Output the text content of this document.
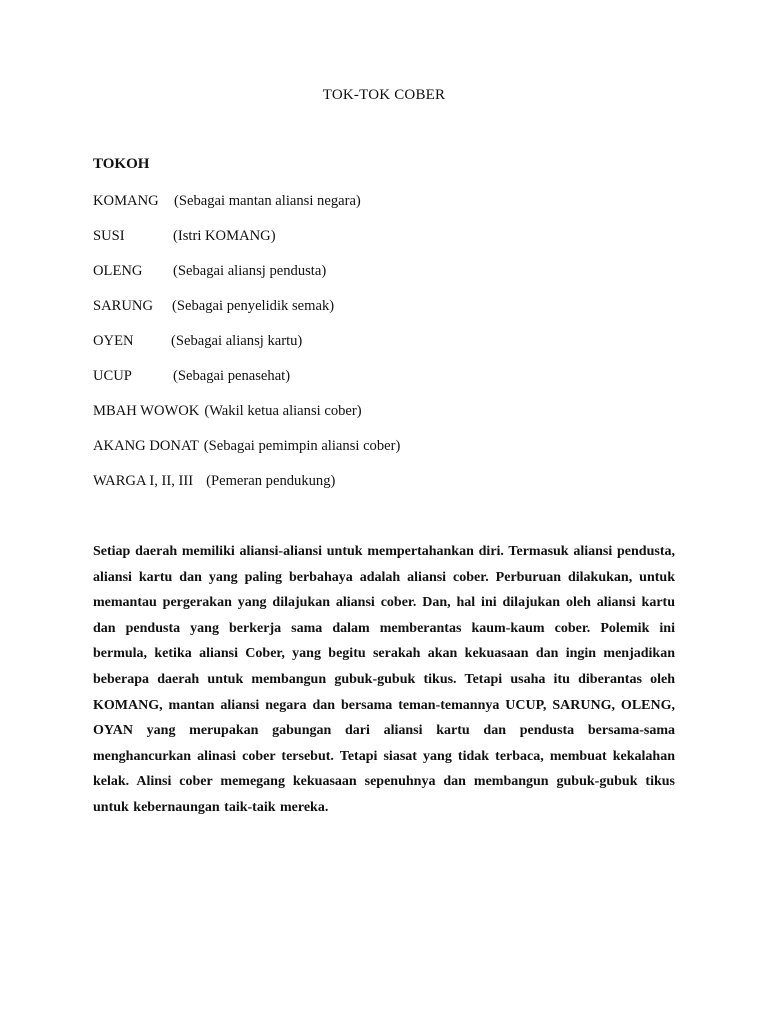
TOK-TOK COBER
TOKOH
KOMANG (Sebagai mantan aliansi negara)
SUSI	(Istri KOMANG)
OLENG (Sebagai aliansj pendusta)
SARUNG (Sebagai penyelidik semak)
OYEN	(Sebagai aliansj kartu)
UCUP	(Sebagai penasehat)
MBAH WOWOK (Wakil ketua aliansi cober)
AKANG DONAT (Sebagai pemimpin aliansi cober)
WARGA I, II, III (Pemeran pendukung)
Setiap daerah memiliki aliansi-aliansi untuk mempertahankan diri. Termasuk aliansi pendusta, aliansi kartu dan yang paling berbahaya adalah aliansi cober. Perburuan dilakukan, untuk memantau pergerakan yang dilajukan aliansi cober. Dan, hal ini dilajukan oleh aliansi kartu dan pendusta yang berkerja sama dalam memberantas kaum-kaum cober. Polemik ini bermula, ketika aliansi Cober, yang begitu serakah akan kekuasaan dan ingin menjadikan beberapa daerah untuk membangun gubuk-gubuk tikus. Tetapi usaha itu diberantas oleh KOMANG, mantan aliansi negara dan bersama teman-temannya UCUP, SARUNG, OLENG, OYAN yang merupakan gabungan dari aliansi kartu dan pendusta bersama-sama menghancurkan alinasi cober tersebut. Tetapi siasat yang tidak terbaca, membuat kekalahan kelak. Alinsi cober memegang kekuasaan sepenuhnya dan membangun gubuk-gubuk tikus untuk kebernaungan taik-taik mereka.
